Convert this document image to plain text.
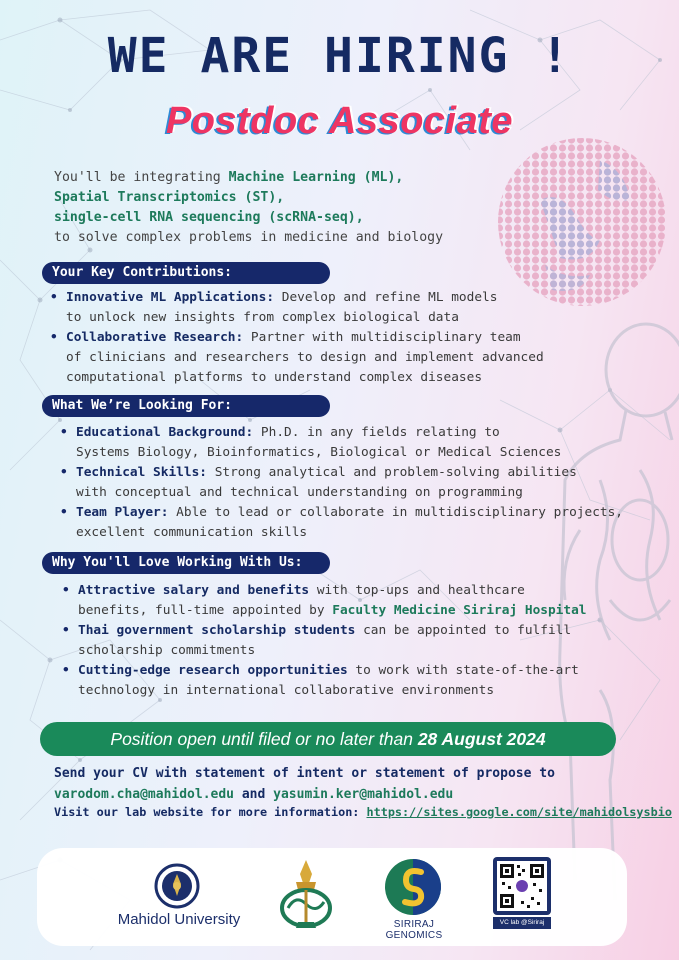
WE ARE HIRING !
Postdoc Associate
You'll be integrating Machine Learning (ML),
Spatial Transcriptomics (ST),
single-cell RNA sequencing (scRNA-seq),
to solve complex problems in medicine and biology
Your Key Contributions:
• Innovative ML Applications: Develop and refine ML models
to unlock new insights from complex biological data
• Collaborative Research: Partner with multidisciplinary team
of clinicians and researchers to design and implement advanced
computational platforms to understand complex diseases
What We’re Looking For:
• Educational Background: Ph.D. in any fields relating to
Systems Biology, Bioinformatics, Biological or Medical Sciences
• Technical Skills: Strong analytical and problem-solving abilities
with conceptual and technical understanding on programming
• Team Player: Able to lead or collaborate in multidisciplinary projects,
excellent communication skills
Why You'll Love Working With Us:
• Attractive salary and benefits with top-ups and healthcare
benefits, full-time appointed by Faculty Medicine Siriraj Hospital
• Thai government scholarship students can be appointed to fulfill
scholarship commitments
• Cutting-edge research opportunities to work with state-of-the-art
technology in international collaborative environments
Position open until filed or no later than 28 August 2024
Send your CV with statement of intent or statement of propose to
varodom.cha@mahidol.edu and yasumin.ker@mahidol.edu
Visit our lab website for more information: https://sites.google.com/site/mahidolsysbio
Mahidol University	SIRIRAJ GENOMICS
VC lab @Siriraj
